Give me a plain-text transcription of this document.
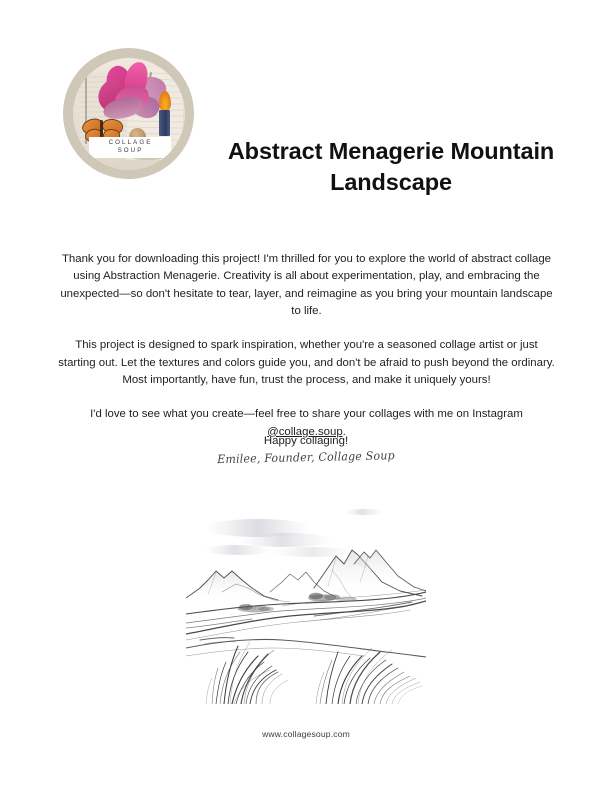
COLLAGE
SOUP	Abstract Menagerie Mountain Landscape

Thank you for downloading this project! I'm thrilled for you to explore the world of abstract collage using Abstraction Menagerie. Creativity is all about experimentation, play, and embracing the unexpected—so don't hesitate to tear, layer, and reimagine as you bring your mountain landscape to life.

This project is designed to spark inspiration, whether you're a seasoned collage artist or just starting out. Let the textures and colors guide you, and don't be afraid to push beyond the ordinary. Most importantly, have fun, trust the process, and make it uniquely yours!

I'd love to see what you create—feel free to share your collages with me on Instagram @collage.soup.

Happy collaging!
Emilee, Founder, Collage Soup
www.collagesoup.com
